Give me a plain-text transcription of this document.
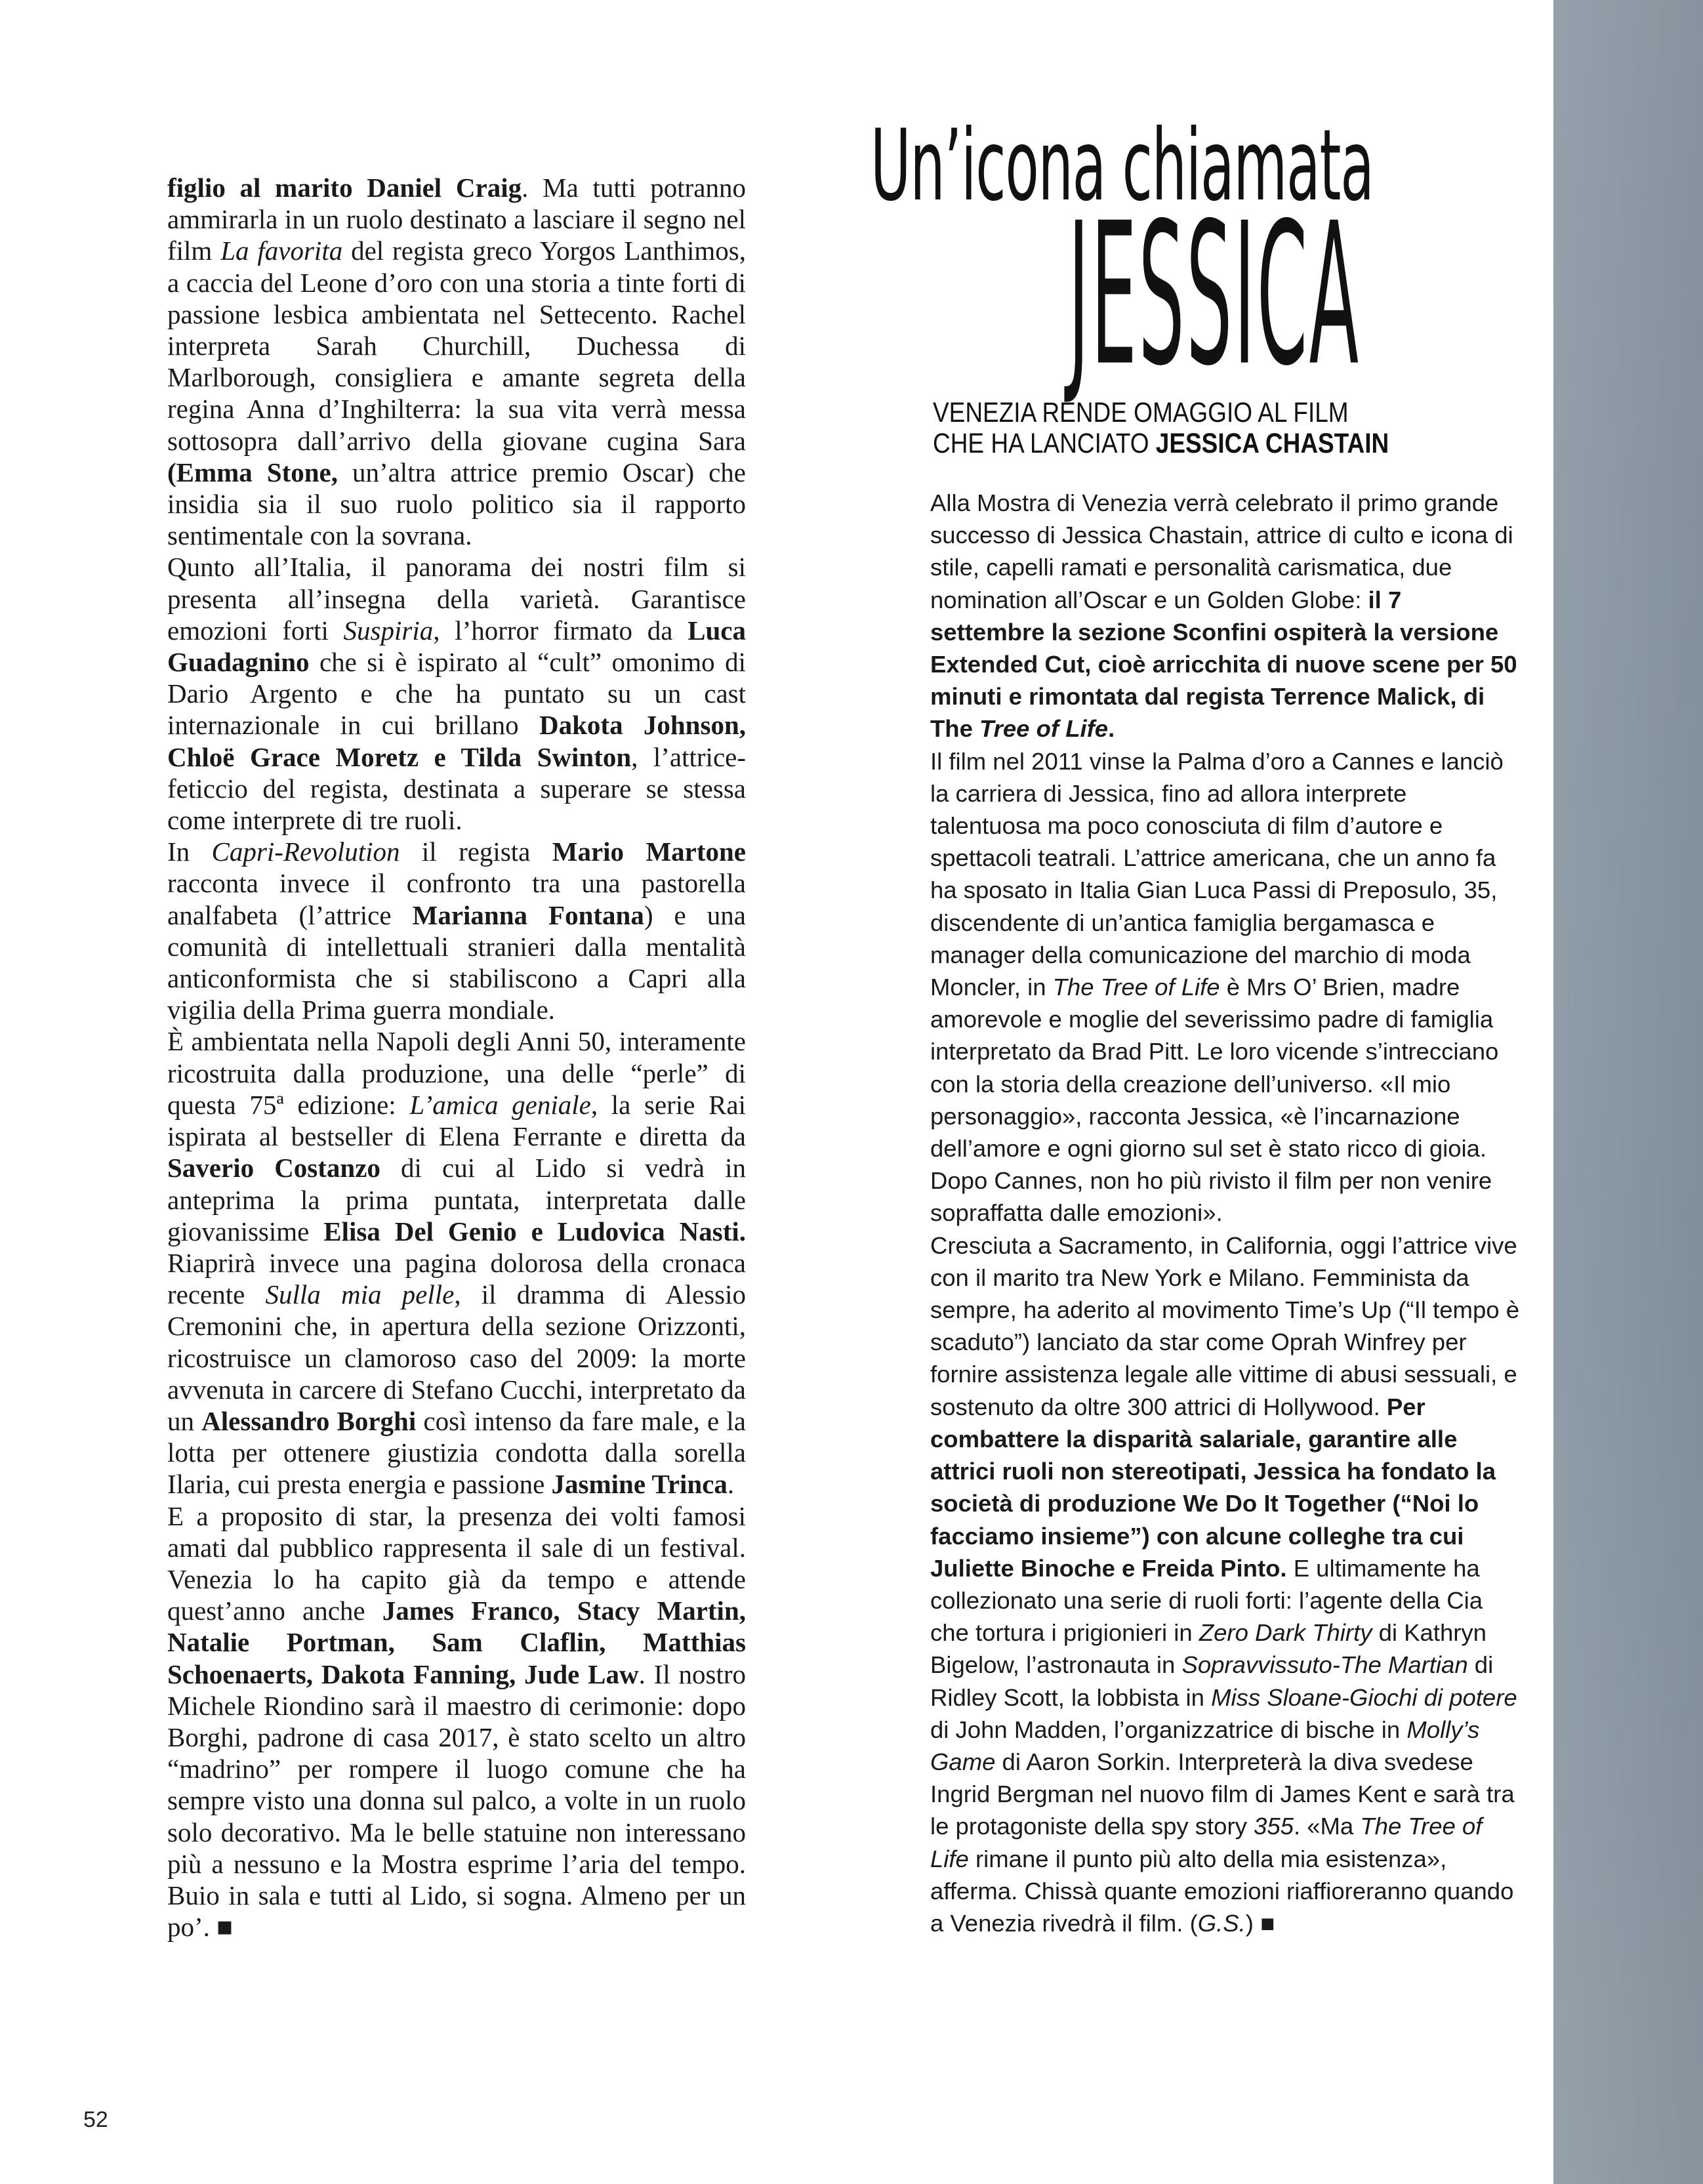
figlio al marito Daniel Craig. Ma tutti potranno ammirarla in un ruolo destinato a lasciare il segno nel film La favorita del regista greco Yorgos Lanthimos, a caccia del Leone d’oro con una storia a tinte forti di passione lesbica ambientata nel Settecento. Rachel interpreta Sarah Churchill, Duchessa di Marlborough, consigliera e amante segreta della regina Anna d’Inghilterra: la sua vita verrà messa sottosopra dall’arrivo della giovane cugina Sara (Emma Stone, un’altra attrice premio Oscar) che insidia sia il suo ruolo politico sia il rapporto sentimentale con la sovrana.

Qunto all’Italia, il panorama dei nostri film si presenta all’insegna della varietà. Garantisce emozioni forti Suspiria, l’horror firmato da Luca Guadagnino che si è ispirato al “cult” omonimo di Dario Argento e che ha puntato su un cast internazionale in cui brillano Dakota Johnson, Chloë Grace Moretz e Tilda Swinton, l’attrice-feticcio del regista, destinata a superare se stessa come interprete di tre ruoli.

In Capri-Revolution il regista Mario Martone racconta invece il confronto tra una pastorella analfabeta (l’attrice Marianna Fontana) e una comunità di intellettuali stranieri dalla mentalità anticonformista che si stabiliscono a Capri alla vigilia della Prima guerra mondiale.

È ambientata nella Napoli degli Anni 50, interamente ricostruita dalla produzione, una delle “perle” di questa 75ª edizione: L’amica geniale, la serie Rai ispirata al bestseller di Elena Ferrante e diretta da Saverio Costanzo di cui al Lido si vedrà in anteprima la prima puntata, interpretata dalle giovanissime Elisa Del Genio e Ludovica Nasti. Riaprirà invece una pagina dolorosa della cronaca recente Sulla mia pelle, il dramma di Alessio Cremonini che, in apertura della sezione Orizzonti, ricostruisce un clamoroso caso del 2009: la morte avvenuta in carcere di Stefano Cucchi, interpretato da un Alessandro Borghi così intenso da fare male, e la lotta per ottenere giustizia condotta dalla sorella Ilaria, cui presta energia e passione Jasmine Trinca.

E a proposito di star, la presenza dei volti famosi amati dal pubblico rappresenta il sale di un festival. Venezia lo ha capito già da tempo e attende quest’anno anche James Franco, Stacy Martin, Natalie Portman, Sam Claflin, Matthias Schoenaerts, Dakota Fanning, Jude Law. Il nostro Michele Riondino sarà il maestro di cerimonie: dopo Borghi, padrone di casa 2017, è stato scelto un altro “madrino” per rompere il luogo comune che ha sempre visto una donna sul palco, a volte in un ruolo solo decorativo. Ma le belle statuine non interessano più a nessuno e la Mostra esprime l’aria del tempo. Buio in sala e tutti al Lido, si sogna. Almeno per un po’. ■

Un’icona chiamata
JESSICA
VENEZIA RENDE OMAGGIO AL FILM
CHE HA LANCIATO JESSICA CHASTAIN

Alla Mostra di Venezia verrà celebrato il primo grande successo di Jessica Chastain, attrice di culto e icona di stile, capelli ramati e personalità carismatica, due nomination all’Oscar e un Golden Globe: il 7 settembre la sezione Sconfini ospiterà la versione Extended Cut, cioè arricchita di nuove scene per 50 minuti e rimontata dal regista Terrence Malick, di The Tree of Life.

Il film nel 2011 vinse la Palma d’oro a Cannes e lanciò la carriera di Jessica, fino ad allora interprete talentuosa ma poco conosciuta di film d’autore e spettacoli teatrali. L’attrice americana, che un anno fa ha sposato in Italia Gian Luca Passi di Preposulo, 35, discendente di un’antica famiglia bergamasca e manager della comunicazione del marchio di moda Moncler, in The Tree of Life è Mrs O’ Brien, madre amorevole e moglie del severissimo padre di famiglia interpretato da Brad Pitt. Le loro vicende s’intrecciano con la storia della creazione dell’universo. «Il mio personaggio», racconta Jessica, «è l’incarnazione dell’amore e ogni giorno sul set è stato ricco di gioia. Dopo Cannes, non ho più rivisto il film per non venire sopraffatta dalle emozioni».

Cresciuta a Sacramento, in California, oggi l’attrice vive con il marito tra New York e Milano. Femminista da sempre, ha aderito al movimento Time’s Up (“Il tempo è scaduto”) lanciato da star come Oprah Winfrey per fornire assistenza legale alle vittime di abusi sessuali, e sostenuto da oltre 300 attrici di Hollywood. Per combattere la disparità salariale, garantire alle attrici ruoli non stereotipati, Jessica ha fondato la società di produzione We Do It Together (“Noi lo facciamo insieme”) con alcune colleghe tra cui Juliette Binoche e Freida Pinto. E ultimamente ha collezionato una serie di ruoli forti: l’agente della Cia che tortura i prigionieri in Zero Dark Thirty di Kathryn Bigelow, l’astronauta in Sopravvissuto-The Martian di Ridley Scott, la lobbista in Miss Sloane-Giochi di potere di John Madden, l’organizzatrice di bische in Molly’s Game di Aaron Sorkin. Interpreterà la diva svedese Ingrid Bergman nel nuovo film di James Kent e sarà tra le protagoniste della spy story 355. «Ma The Tree of Life rimane il punto più alto della mia esistenza», afferma. Chissà quante emozioni riaffioreranno quando a Venezia rivedrà il film. (G.S.) ■

52
